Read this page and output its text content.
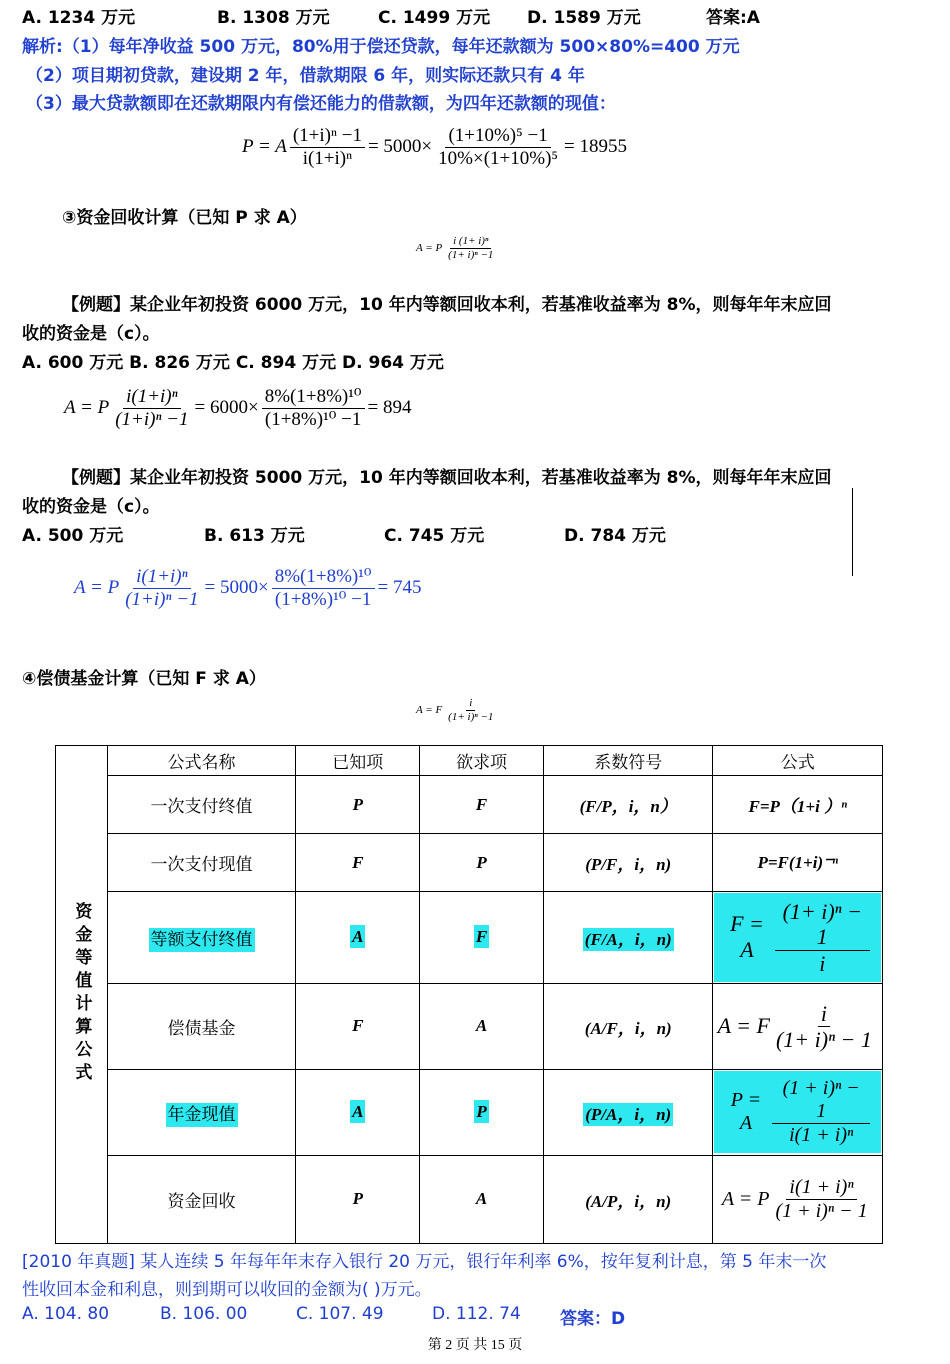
A. 1234 万元	B. 1308 万元	C. 1499 万元 D. 1589 万元	答案:A
解析:（1）每年净收益 500 万元，80%用于偿还贷款，每年还款额为 500×80%=400 万元
（2）项目期初贷款，建设期 2 年，借款期限 6 年，则实际还款只有 4 年
（3）最大贷款额即在还款期限内有偿还能力的借款额，为四年还款额的现值：
P = A $\frac{\text{(1+i)ⁿ −1}}{\text{i(1+i)ⁿ}} = 5000\times \frac{\text{(1+10\%)⁵ −1}}{\text{10\%×(1+10\%)⁵}} = 18955$
③资金回收计算（已知 P 求 A）
A = P $\frac{\text{i (1+ i)ⁿ}}{\text{(1+ i)ⁿ −1}}$
【例题】某企业年初投资 6000 万元，10 年内等额回收本利，若基准收益率为 8%，则每年年末应回
收的资金是（c）。
A. 600 万元 B. 826 万元 C. 894 万元 D. 964 万元
A = P $\frac{\text{i(1+i)ⁿ}}{\text{(1+i)ⁿ −1}} = 6000\times \frac{\text{8\%(1+8\%)¹⁰}}{\text{(1+8\%)¹⁰ −1}} = 894$
【例题】某企业年初投资 5000 万元，10 年内等额回收本利，若基准收益率为 8%，则每年年末应回
收的资金是（c）。
A. 500 万元	B. 613 万元	C. 745 万元	D. 784 万元
A = P $\frac{\text{i(1+i)ⁿ}}{\text{(1+i)ⁿ −1}} = 5000\times \frac{\text{8\%(1+8\%)¹⁰}}{\text{(1+8\%)¹⁰ −1}} = 745$
④偿债基金计算（已知 F 求 A）
A = F $\frac{i}{\text{(1+ i)ⁿ −1}}$
资金等值计算公式	公式名称	已知项	欲求项	系数符号	公式
	一次支付终值	P	F	(F/P，i，n）	F=P（1+i ）ⁿ
	一次支付现值	F	P	(P/F，i，n)	P=F(1+i)⁻ⁿ
	等额支付终值	A	F	(F/A，i，n)	F = A $\frac{\text{(1+ i)ⁿ − 1}}{i}$

	偿债基金	F	A	(A/F，i，n)	A = F $\frac{i}{\text{(1+ i)ⁿ − 1}}$

	年金现值	A	P	(P/A，i，n)	P = A $\frac{\text{(1 + i)ⁿ − 1}}{\text{i(1 + i)ⁿ}}$

	资金回收	P	A	(A/P，i，n)	A = P $\frac{\text{i(1 + i)ⁿ}}{\text{(1 + i)ⁿ − 1}}$
[2010 年真题] 某人连续 5 年每年年末存入银行 20 万元，银行年利率 6%，按年复利计息，第 5 年末一次
性收回本金和利息，则到期可以收回的金额为( )万元。
A. 104. 80	B. 106. 00	C. 107. 49	D. 112. 74 答案：D
第 2 页 共 15 页
